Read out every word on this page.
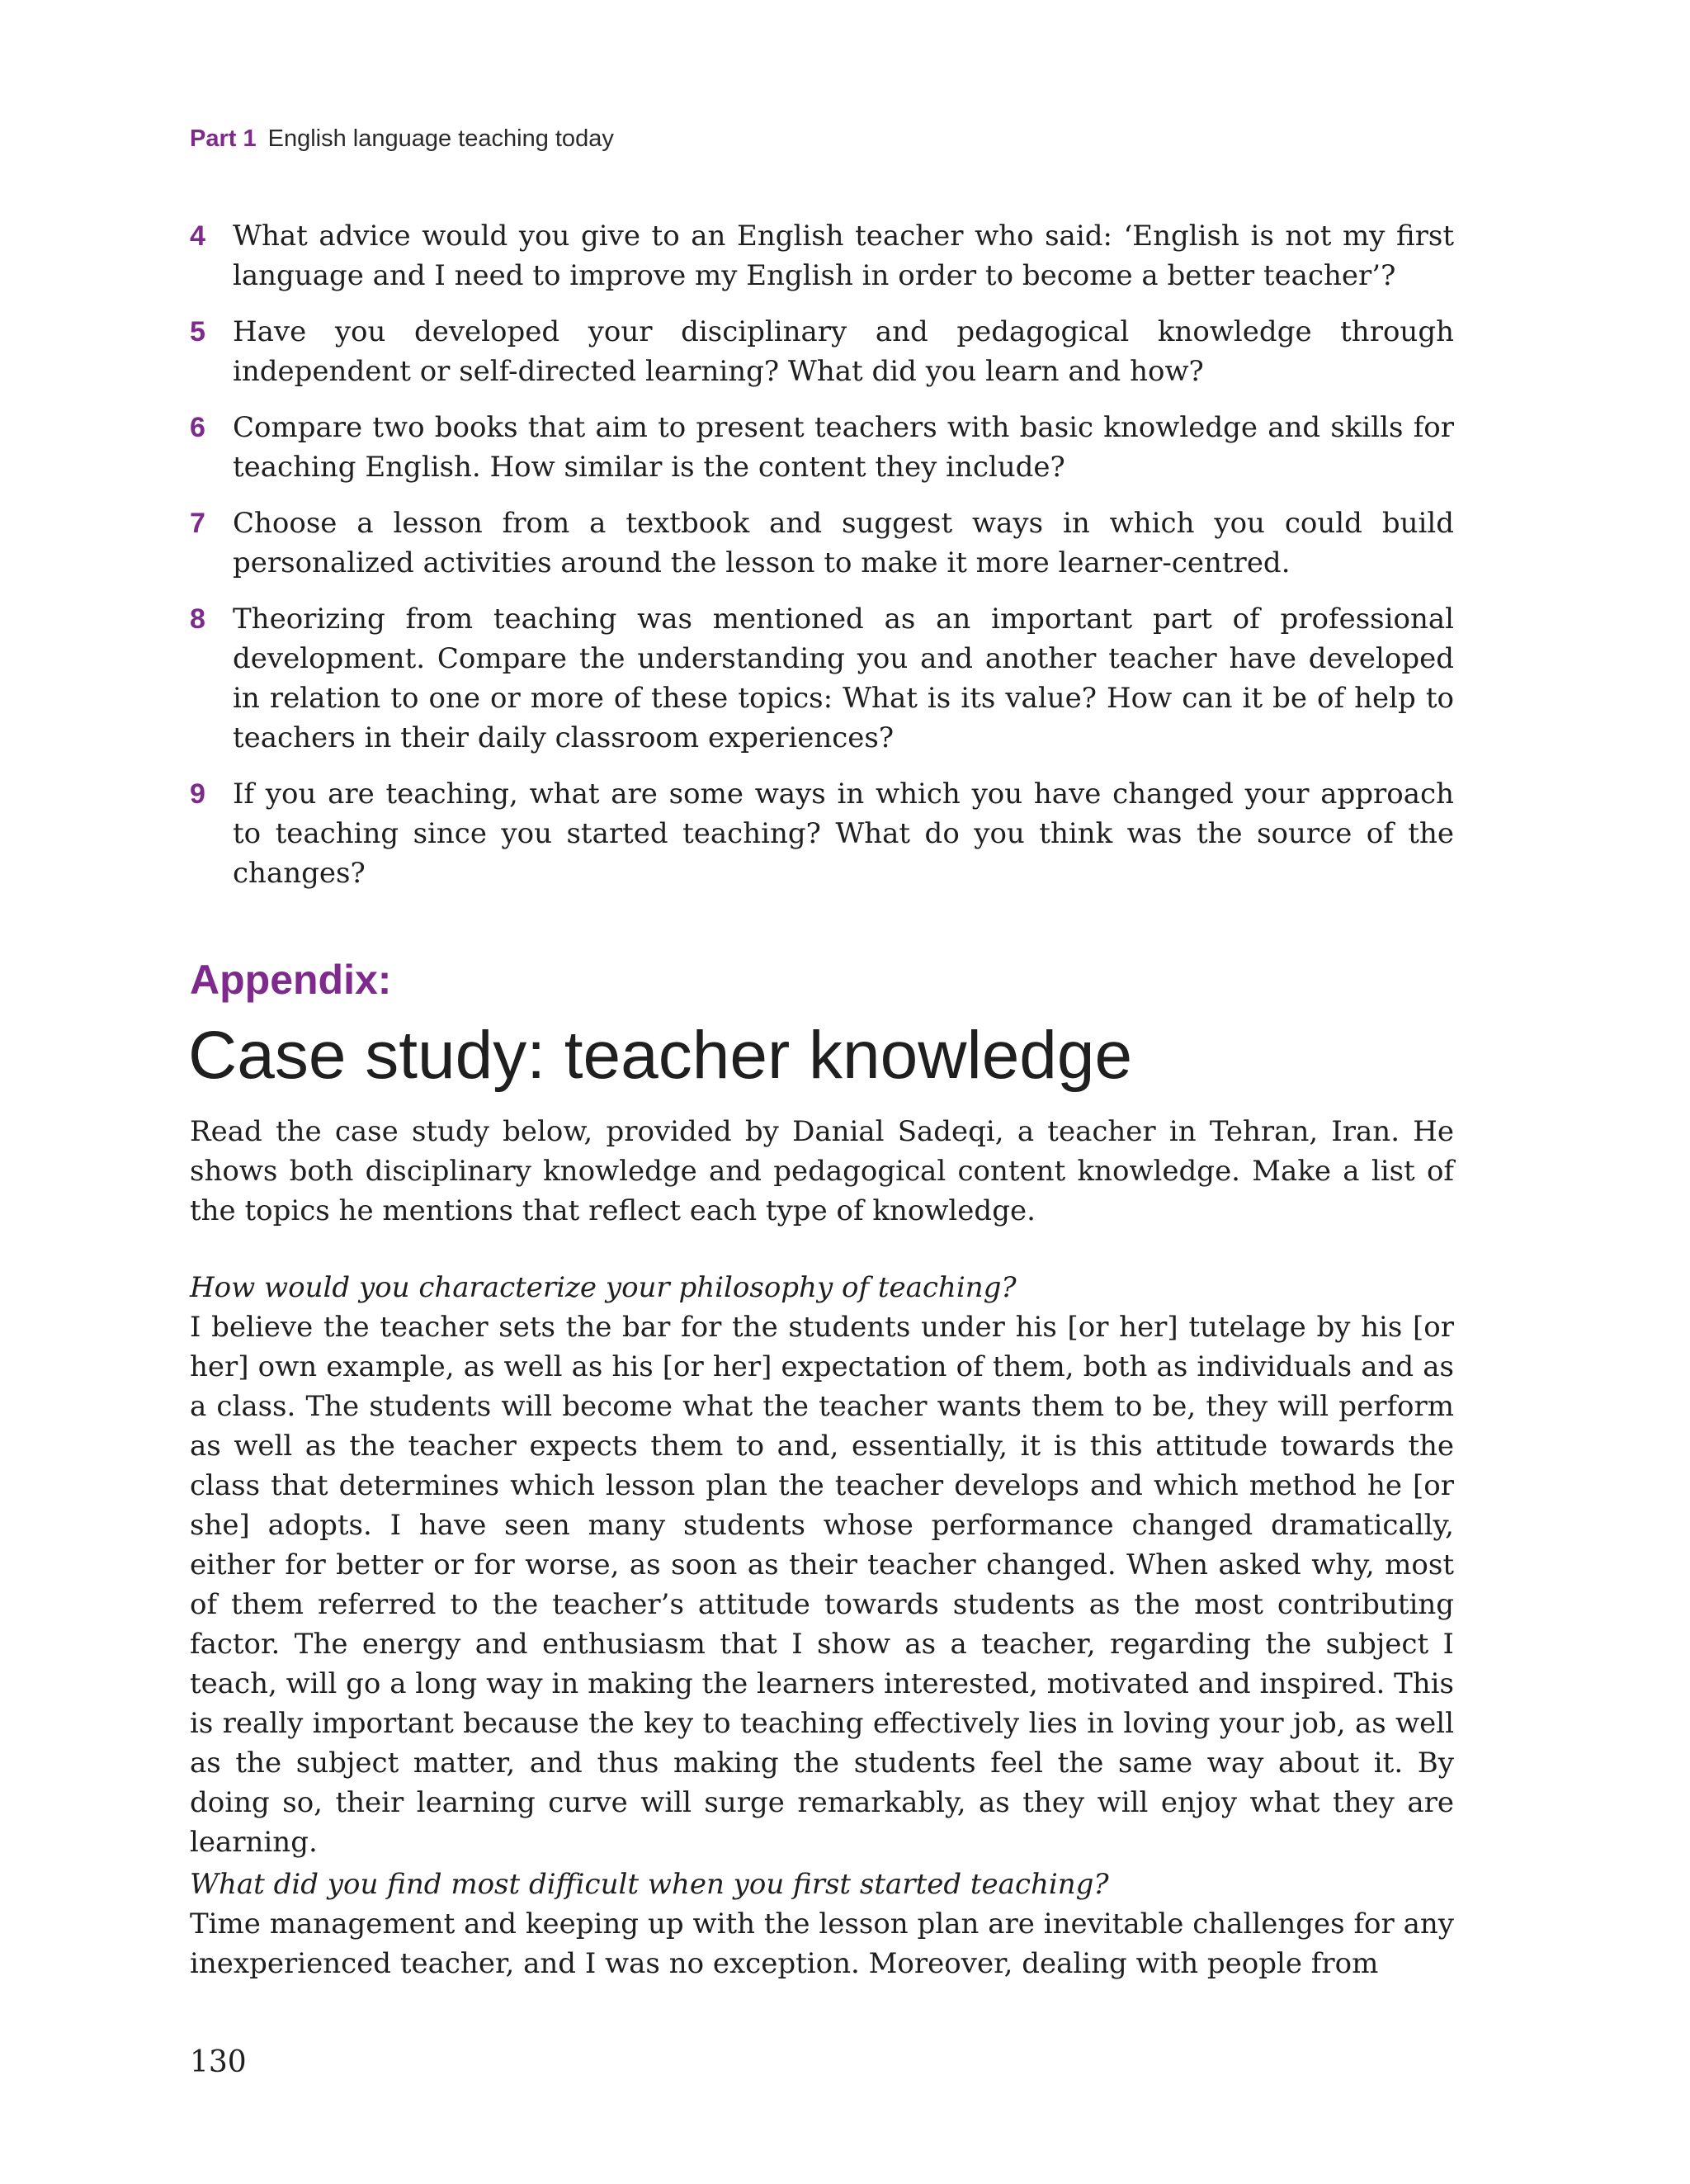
Part 1 English language teaching today
4 What advice would you give to an English teacher who said: ‘English is not my first language and I need to improve my English in order to become a better teacher’?
5 Have you developed your disciplinary and pedagogical knowledge through independent or self-directed learning? What did you learn and how?
6 Compare two books that aim to present teachers with basic knowledge and skills for teaching English. How similar is the content they include?
7 Choose a lesson from a textbook and suggest ways in which you could build personalized activities around the lesson to make it more learner-centred.
8 Theorizing from teaching was mentioned as an important part of professional development. Compare the understanding you and another teacher have developed in relation to one or more of these topics: What is its value? How can it be of help to teachers in their daily classroom experiences?
9 If you are teaching, what are some ways in which you have changed your approach to teaching since you started teaching? What do you think was the source of the changes?
Appendix:
Case study: teacher knowledge

Read the case study below, provided by Danial Sadeqi, a teacher in Tehran, Iran. He shows both disciplinary knowledge and pedagogical content knowledge. Make a list of the topics he mentions that reflect each type of knowledge.

How would you characterize your philosophy of teaching?

I believe the teacher sets the bar for the students under his [or her] tutelage by his [or her] own example, as well as his [or her] expectation of them, both as individuals and as a class. The students will become what the teacher wants them to be, they will perform as well as the teacher expects them to and, essentially, it is this attitude towards the class that determines which lesson plan the teacher develops and which method he [or she] adopts. I have seen many students whose performance changed dramatically, either for better or for worse, as soon as their teacher changed. When asked why, most of them referred to the teacher’s attitude towards students as the most contributing factor. The energy and enthusiasm that I show as a teacher, regarding the subject I teach, will go a long way in making the learners interested, motivated and inspired. This is really important because the key to teaching effectively lies in loving your job, as well as the subject matter, and thus making the students feel the same way about it. By doing so, their learning curve will surge remarkably, as they will enjoy what they are learning.

What did you find most difficult when you first started teaching?

Time management and keeping up with the lesson plan are inevitable challenges for any inexperienced teacher, and I was no exception. Moreover, dealing with people from

130
